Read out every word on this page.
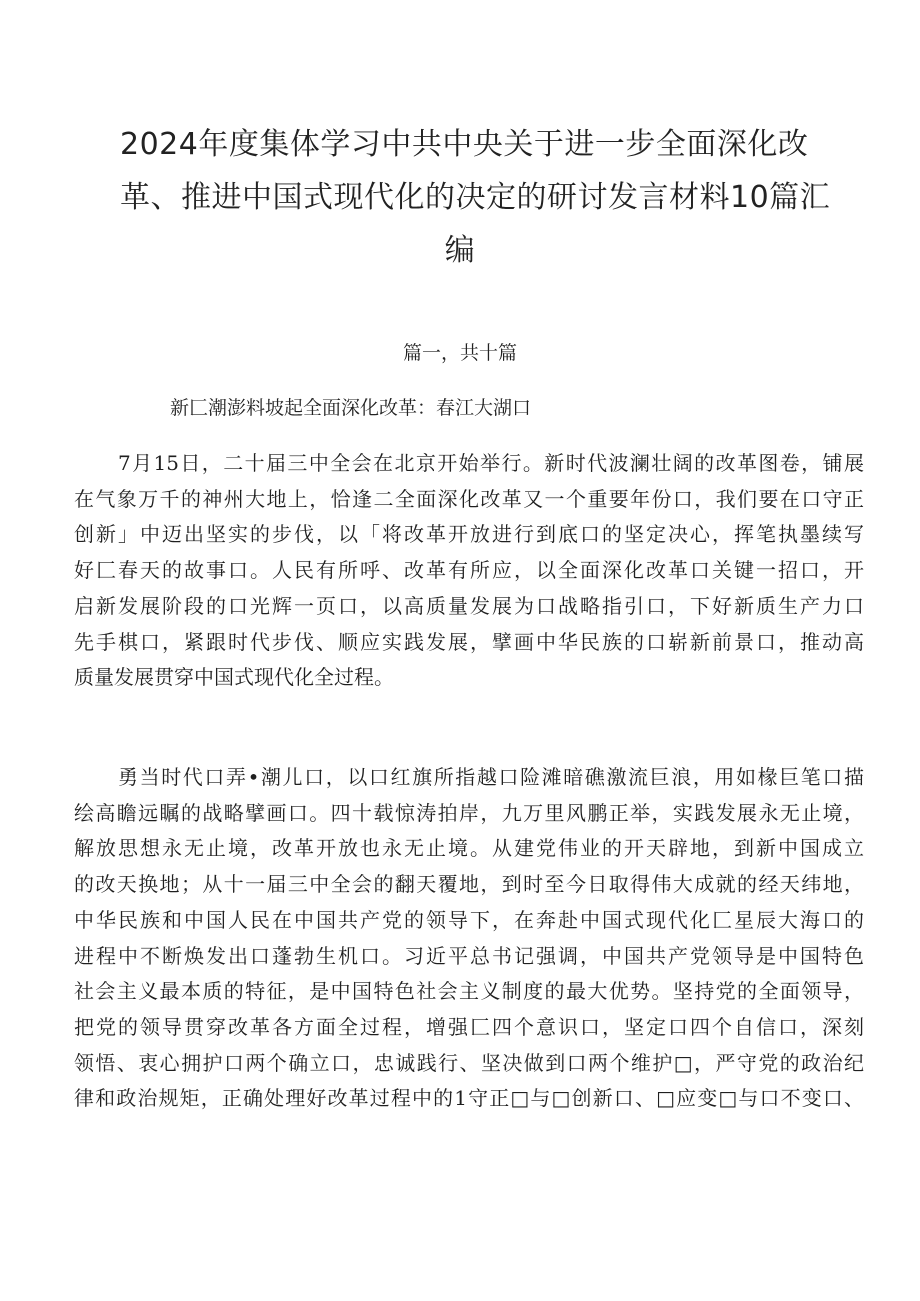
2024年度集体学习中共中央关于进一步全面深化改
革、推进中国式现代化的决定的研讨发言材料10篇汇
编
篇一，共十篇
新匚潮澎料坡起全面深化改革：春江大湖口

7月15日，二十届三中全会在北京开始举行。新时代波澜壮阔的改革图卷，铺展
在气象万千的神州大地上，恰逢二全面深化改革又一个重要年份口，我们要在口守正
创新」中迈出坚实的步伐，以「将改革开放进行到底口的坚定决心，挥笔执墨续写
好匚春天的故事口。人民有所呼、改革有所应，以全面深化改革口关键一招口，开
启新发展阶段的口光辉一页口，以高质量发展为口战略指引口，下好新质生产力口
先手棋口，紧跟时代步伐、顺应实践发展，擘画中华民族的口崭新前景口，推动高
质量发展贯穿中国式现代化全过程。

勇当时代口弄•潮儿口，以口红旗所指越口险滩暗礁激流巨浪，用如椽巨笔口描
绘高瞻远瞩的战略擘画口。四十载惊涛拍岸，九万里风鹏正举，实践发展永无止境，
解放思想永无止境，改革开放也永无止境。从建党伟业的开天辟地，到新中国成立
的改天换地；从十一届三中全会的翻天覆地，到时至今日取得伟大成就的经天纬地，
中华民族和中国人民在中国共产党的领导下，在奔赴中国式现代化匚星辰大海口的
进程中不断焕发出口蓬勃生机口。习近平总书记强调，中国共产党领导是中国特色
社会主义最本质的特征，是中国特色社会主义制度的最大优势。坚持党的全面领导，
把党的领导贯穿改革各方面全过程，增强匚四个意识口，坚定口四个自信口，深刻
领悟、衷心拥护口两个确立口，忠诚践行、坚决做到口两个维护□，严守党的政治纪
律和政治规矩，正确处理好改革过程中的1守正□与□创新口、□应变□与口不变口、
